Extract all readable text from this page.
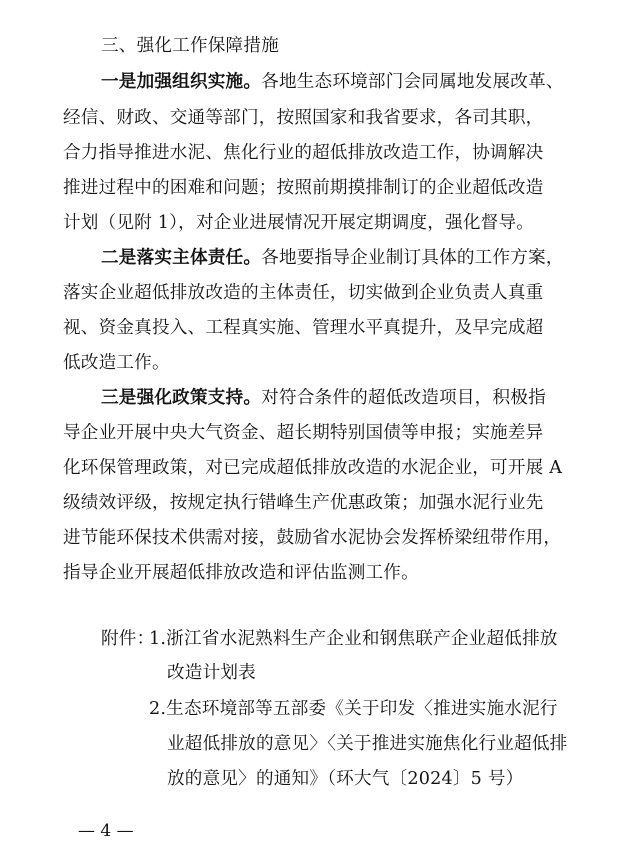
三、强化工作保障措施
一是加强组织实施。各地生态环境部门会同属地发展改革、
经信、财政、交通等部门，按照国家和我省要求，各司其职，
合力指导推进水泥、焦化行业的超低排放改造工作，协调解决
推进过程中的困难和问题；按照前期摸排制订的企业超低改造
计划（见附 1），对企业进展情况开展定期调度，强化督导。
二是落实主体责任。各地要指导企业制订具体的工作方案，
落实企业超低排放改造的主体责任，切实做到企业负责人真重
视、资金真投入、工程真实施、管理水平真提升，及早完成超
低改造工作。
三是强化政策支持。对符合条件的超低改造项目，积极指
导企业开展中央大气资金、超长期特别国债等申报；实施差异
化环保管理政策，对已完成超低排放改造的水泥企业，可开展 A
级绩效评级，按规定执行错峰生产优惠政策；加强水泥行业先
进节能环保技术供需对接，鼓励省水泥协会发挥桥梁纽带作用，
指导企业开展超低排放改造和评估监测工作。
附件：
1.浙江省水泥熟料生产企业和钢焦联产企业超低排放
改造计划表
2.生态环境部等五部委《关于印发〈推进实施水泥行
业超低排放的意见〉〈关于推进实施焦化行业超低排
放的意见〉的通知》（环大气〔2024〕5 号）
— 4 —
